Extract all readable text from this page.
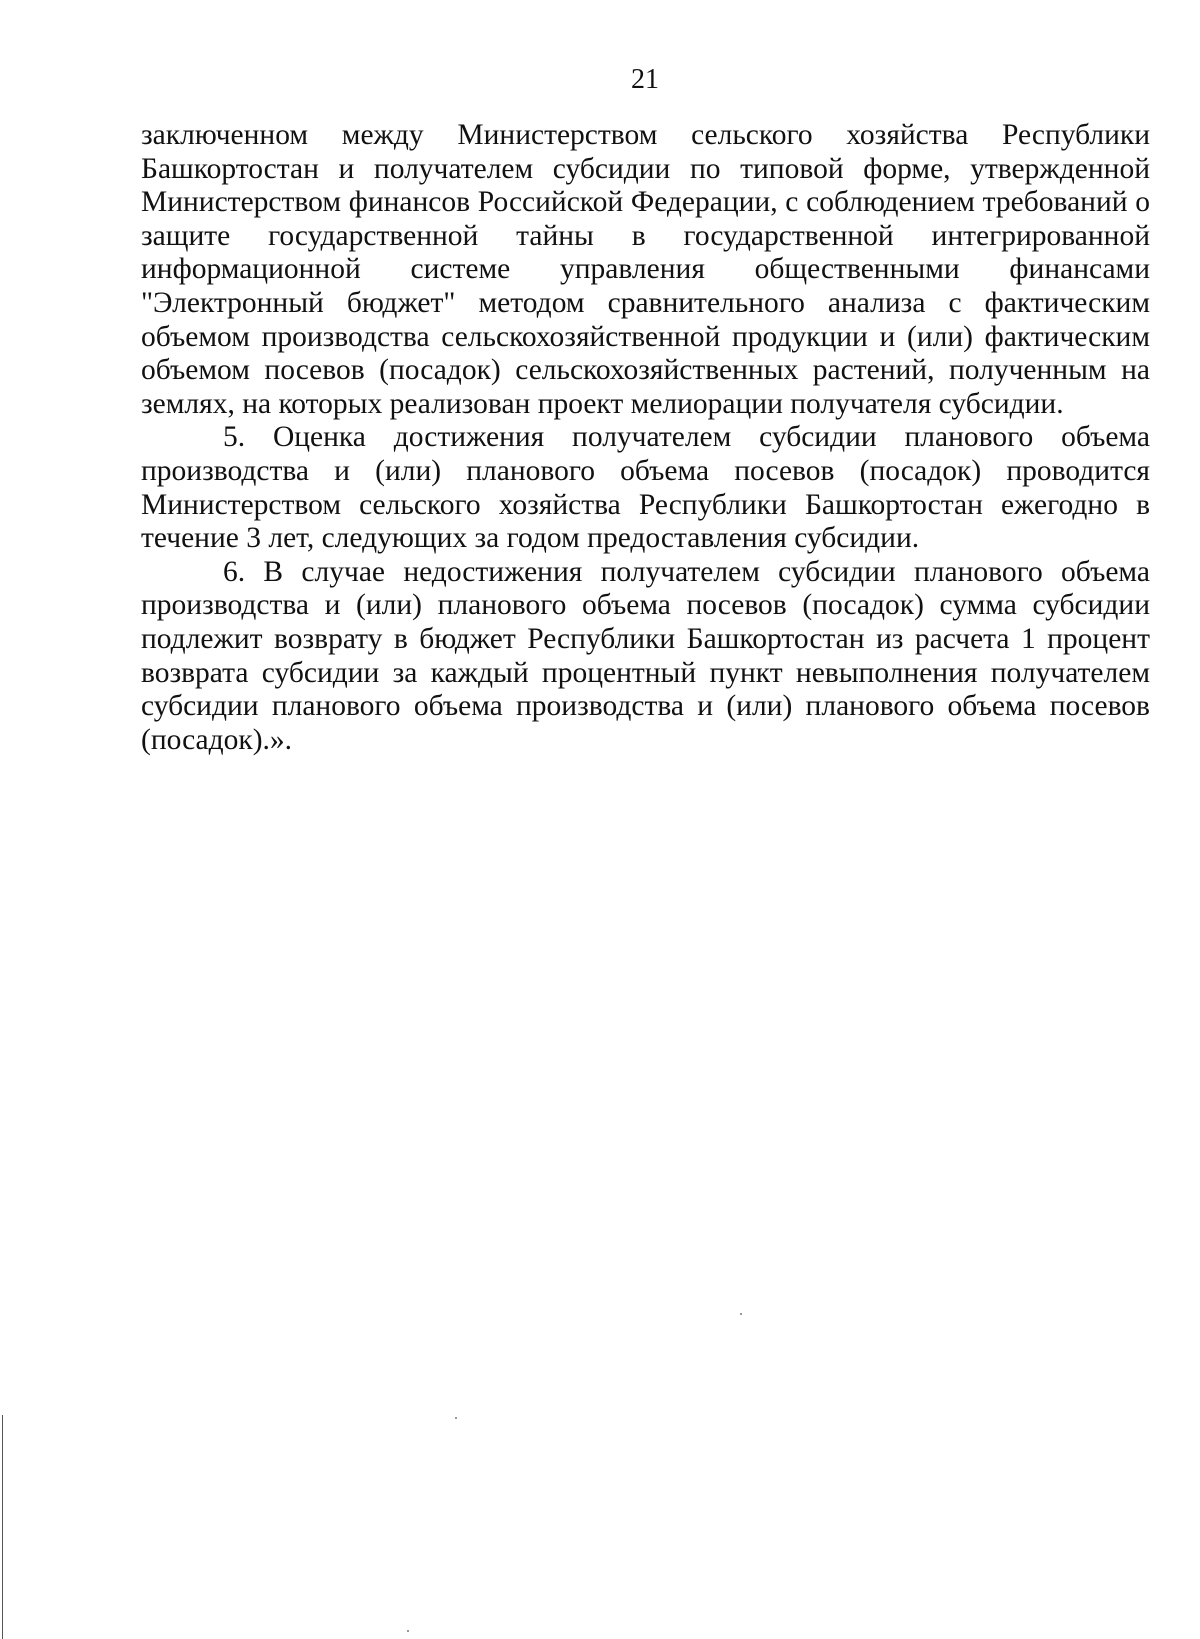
21

заключенном между Министерством сельского хозяйства Республики Башкортостан и получателем субсидии по типовой форме, утвержденной Министерством финансов Российской Федерации, с соблюдением требований о защите государственной тайны в государственной интегрированной информационной системе управления общественными финансами "Электронный бюджет" методом сравнительного анализа с фактическим объемом производства сельскохозяйственной продукции и (или) фактическим объемом посевов (посадок) сельскохозяйственных растений, полученным на землях, на которых реализован проект мелиорации получателя субсидии.

5. Оценка достижения получателем субсидии планового объема производства и (или) планового объема посевов (посадок) проводится Министерством сельского хозяйства Республики Башкортостан ежегодно в течение 3 лет, следующих за годом предоставления субсидии.

6. В случае недостижения получателем субсидии планового объема производства и (или) планового объема посевов (посадок) сумма субсидии подлежит возврату в бюджет Республики Башкортостан из расчета 1 процент возврата субсидии за каждый процентный пункт невыполнения получателем субсидии планового объема производства и (или) планового объема посевов (посадок).».
